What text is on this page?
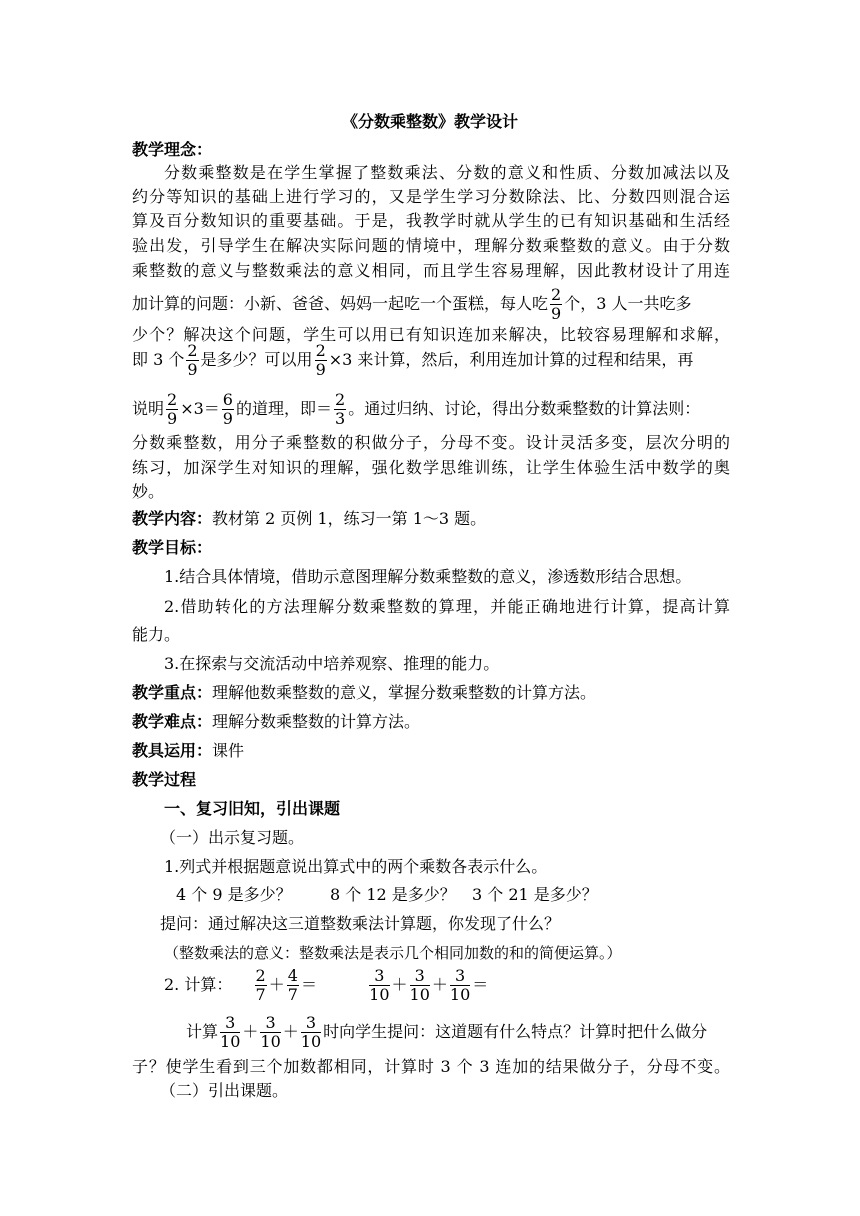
《分数乘整数》教学设计
教学理念：
分数乘整数是在学生掌握了整数乘法、分数的意义和性质、分数加减法以及
约分等知识的基础上进行学习的，又是学生学习分数除法、比、分数四则混合运
算及百分数知识的重要基础。于是，我教学时就从学生的已有知识基础和生活经
验出发，引导学生在解决实际问题的情境中，理解分数乘整数的意义。由于分数
乘整数的意义与整数乘法的意义相同，而且学生容易理解，因此教材设计了用连
加计算的问题：小新、爸爸、妈妈一起吃一个蛋糕，每人吃 $\frac{2}{9}$ 个，3 人一共吃多
少个？解决这个问题，学生可以用已有知识连加来解决，比较容易理解和求解，
即 3 个 $\frac{2}{9}$ 是多少？可以用 $\frac{2}{9} \times 3$ 来计算，然后，利用连加计算的过程和结果，再
说明 $\frac{2}{9} \times 3= \frac{6}{9}$ 的道理，即＝ $\frac{2}{3}$ 。通过归纳、讨论，得出分数乘整数的计算法则：
分数乘整数，用分子乘整数的积做分子，分母不变。设计灵活多变，层次分明的
练习，加深学生对知识的理解，强化数学思维训练，让学生体验生活中数学的奥
妙。
教学内容：教材第 2 页例 1，练习一第 1～3 题。
教学目标：
1.结合具体情境，借助示意图理解分数乘整数的意义，渗透数形结合思想。
2.借助转化的方法理解分数乘整数的算理，并能正确地进行计算，提高计算
能力。
3.在探索与交流活动中培养观察、推理的能力。
教学重点：理解他数乘整数的意义，掌握分数乘整数的计算方法。
教学难点：理解分数乘整数的计算方法。
教具运用：课件
教学过程
一、复习旧知，引出课题
（一）出示复习题。
1.列式并根据题意说出算式中的两个乘数各表示什么。
4 个 9 是多少？	8 个 12 是多少？	3 个 21 是多少？
提问：通过解决这三道整数乘法计算题，你发现了什么？
（整数乘法的意义：整数乘法是表示几个相同加数的和的简便运算。）
2. 计算： $\frac{2}{7} + \frac{4}{7}$ ＝	$\frac{3}{10} + \frac{3}{10} + \frac{3}{10}$ ＝
计算 $\frac{3}{10} + \frac{3}{10} + \frac{3}{10}$ 时向学生提问：这道题有什么特点？计算时把什么做分
子？使学生看到三个加数都相同，计算时 3 个 3 连加的结果做分子，分母不变。
（二）引出课题。
